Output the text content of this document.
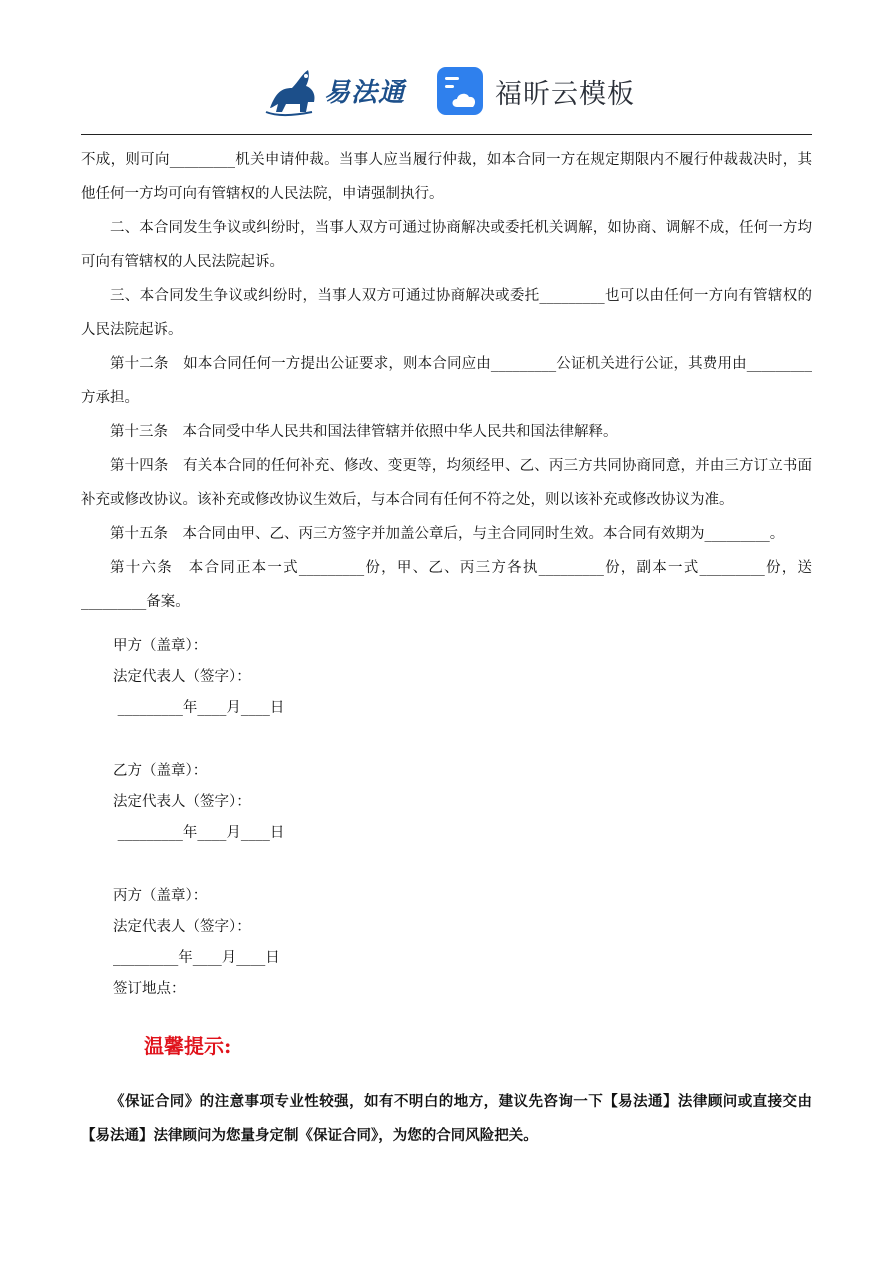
易法通	福昕云模板

不成，则可向_________机关申请仲裁。当事人应当履行仲裁，如本合同一方在规定期限内不履行仲裁裁决时，其他任何一方均可向有管辖权的人民法院，申请强制执行。

二、本合同发生争议或纠纷时，当事人双方可通过协商解决或委托机关调解，如协商、调解不成，任何一方均可向有管辖权的人民法院起诉。

三、本合同发生争议或纠纷时，当事人双方可通过协商解决或委托_________也可以由任何一方向有管辖权的人民法院起诉。

第十二条　如本合同任何一方提出公证要求，则本合同应由_________公证机关进行公证，其费用由_________方承担。

第十三条　本合同受中华人民共和国法律管辖并依照中华人民共和国法律解释。

第十四条　有关本合同的任何补充、修改、变更等，均须经甲、乙、丙三方共同协商同意，并由三方订立书面补充或修改协议。该补充或修改协议生效后，与本合同有任何不符之处，则以该补充或修改协议为准。

第十五条　本合同由甲、乙、丙三方签字并加盖公章后，与主合同同时生效。本合同有效期为_________。

第十六条　本合同正本一式_________份，甲、乙、丙三方各执_________份，副本一式_________份，送_________备案。

甲方（盖章）：
法定代表人（签字）：
_________年____月____日
乙方（盖章）：
法定代表人（签字）：
_________年____月____日
丙方（盖章）：
法定代表人（签字）：
_________年____月____日
签订地点：
温馨提示:

《保证合同》的注意事项专业性较强，如有不明白的地方，建议先咨询一下【易法通】法律顾问或直接交由【易法通】法律顾问为您量身定制《保证合同》，为您的合同风险把关。
